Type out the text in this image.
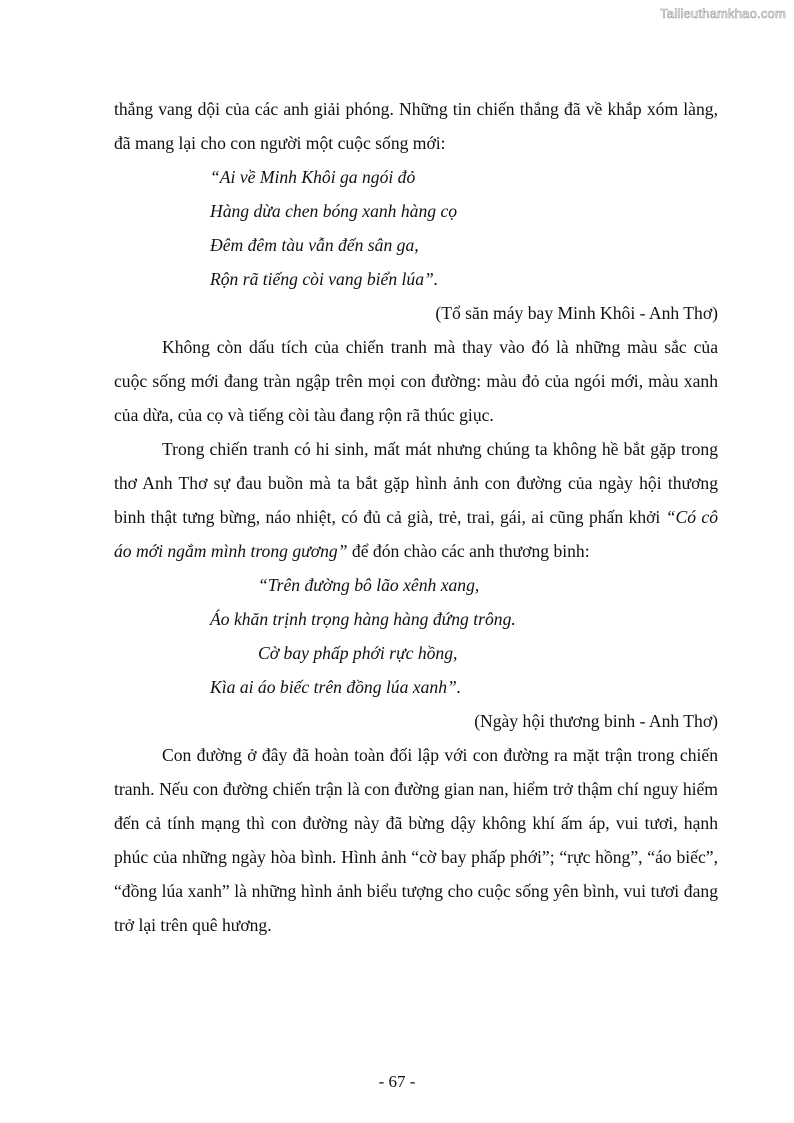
Tailieuthamkhao.com

thắng vang dội của các anh giải phóng. Những tin chiến thắng đã về khắp xóm làng, đã mang lại cho con người một cuộc sống mới:

“Ai về Minh Khôi ga ngói đỏ
Hàng dừa chen bóng xanh hàng cọ
Đêm đêm tàu vẫn đến sân ga,
Rộn rã tiếng còi vang biển lúa”.

(Tổ săn máy bay Minh Khôi - Anh Thơ)

Không còn dấu tích của chiến tranh mà thay vào đó là những màu sắc của cuộc sống mới đang tràn ngập trên mọi con đường: màu đỏ của ngói mới, màu xanh của dừa, của cọ và tiếng còi tàu đang rộn rã thúc giục.

Trong chiến tranh có hi sinh, mất mát nhưng chúng ta không hề bắt gặp trong thơ Anh Thơ sự đau buồn mà ta bắt gặp hình ảnh con đường của ngày hội thương binh thật tưng bừng, náo nhiệt, có đủ cả già, trẻ, trai, gái, ai cũng phấn khởi “Có cô áo mới ngắm mình trong gương” để đón chào các anh thương binh:

“Trên đường bô lão xênh xang,
Áo khăn trịnh trọng hàng hàng đứng trông.
Cờ bay phấp phới rực hồng,
Kìa ai áo biếc trên đồng lúa xanh”.

(Ngày hội thương binh - Anh Thơ)

Con đường ở đây đã hoàn toàn đối lập với con đường ra mặt trận trong chiến tranh. Nếu con đường chiến trận là con đường gian nan, hiểm trở thậm chí nguy hiểm đến cả tính mạng thì con đường này đã bừng dậy không khí ấm áp, vui tươi, hạnh phúc của những ngày hòa bình. Hình ảnh “cờ bay phấp phới”; “rực hồng”, “áo biếc”, “đồng lúa xanh” là những hình ảnh biểu tượng cho cuộc sống yên bình, vui tươi đang trở lại trên quê hương.

- 67 -
